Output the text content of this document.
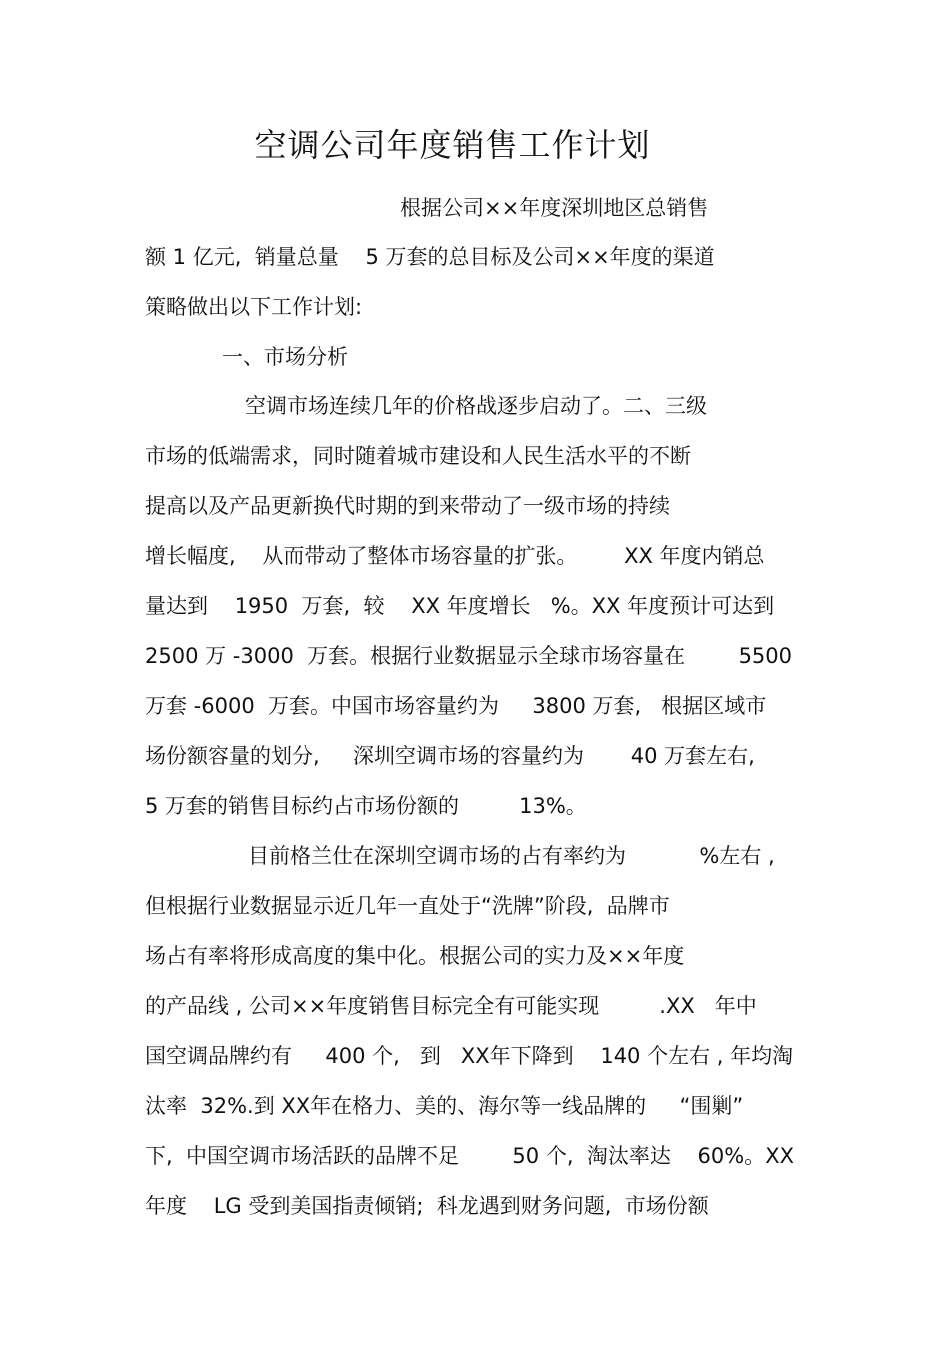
空调公司年度销售工作计划
根据公司××年度深圳地区总销售
额 1 亿元,  销量总量    5 万套的总目标及公司××年度的渠道
策略做出以下工作计划:
一、市场分析
空调市场连续几年的价格战逐步启动了。二、三级
市场的低端需求，同时随着城市建设和人民生活水平的不断
提高以及产品更新换代时期的到来带动了一级市场的持续
增长幅度,    从而带动了整体市场容量的扩张。       XX 年度内销总
量达到    1950  万套,  较    XX 年度增长   %。XX 年度预计可达到
2500 万 -3000  万套。根据行业数据显示全球市场容量在        5500
万套 -6000  万套。中国市场容量约为     3800 万套,   根据区域市
场份额容量的划分,     深圳空调市场的容量约为       40 万套左右,
5 万套的销售目标约占市场份额的         13%。
目前格兰仕在深圳空调市场的占有率约为           %左右 ,
但根据行业数据显示近几年一直处于“洗牌”阶段,  品牌市
场占有率将形成高度的集中化。根据公司的实力及××年度
的产品线 , 公司××年度销售目标完全有可能实现         .XX   年中
国空调品牌约有     400 个,   到   XX年下降到    140 个左右 , 年均淘
汰率  32%.到 XX年在格力、美的、海尔等一线品牌的     “围剿”
下,  中国空调市场活跃的品牌不足        50 个,  淘汰率达    60%。XX
年度    LG 受到美国指责倾销;  科龙遇到财务问题,  市场份额
